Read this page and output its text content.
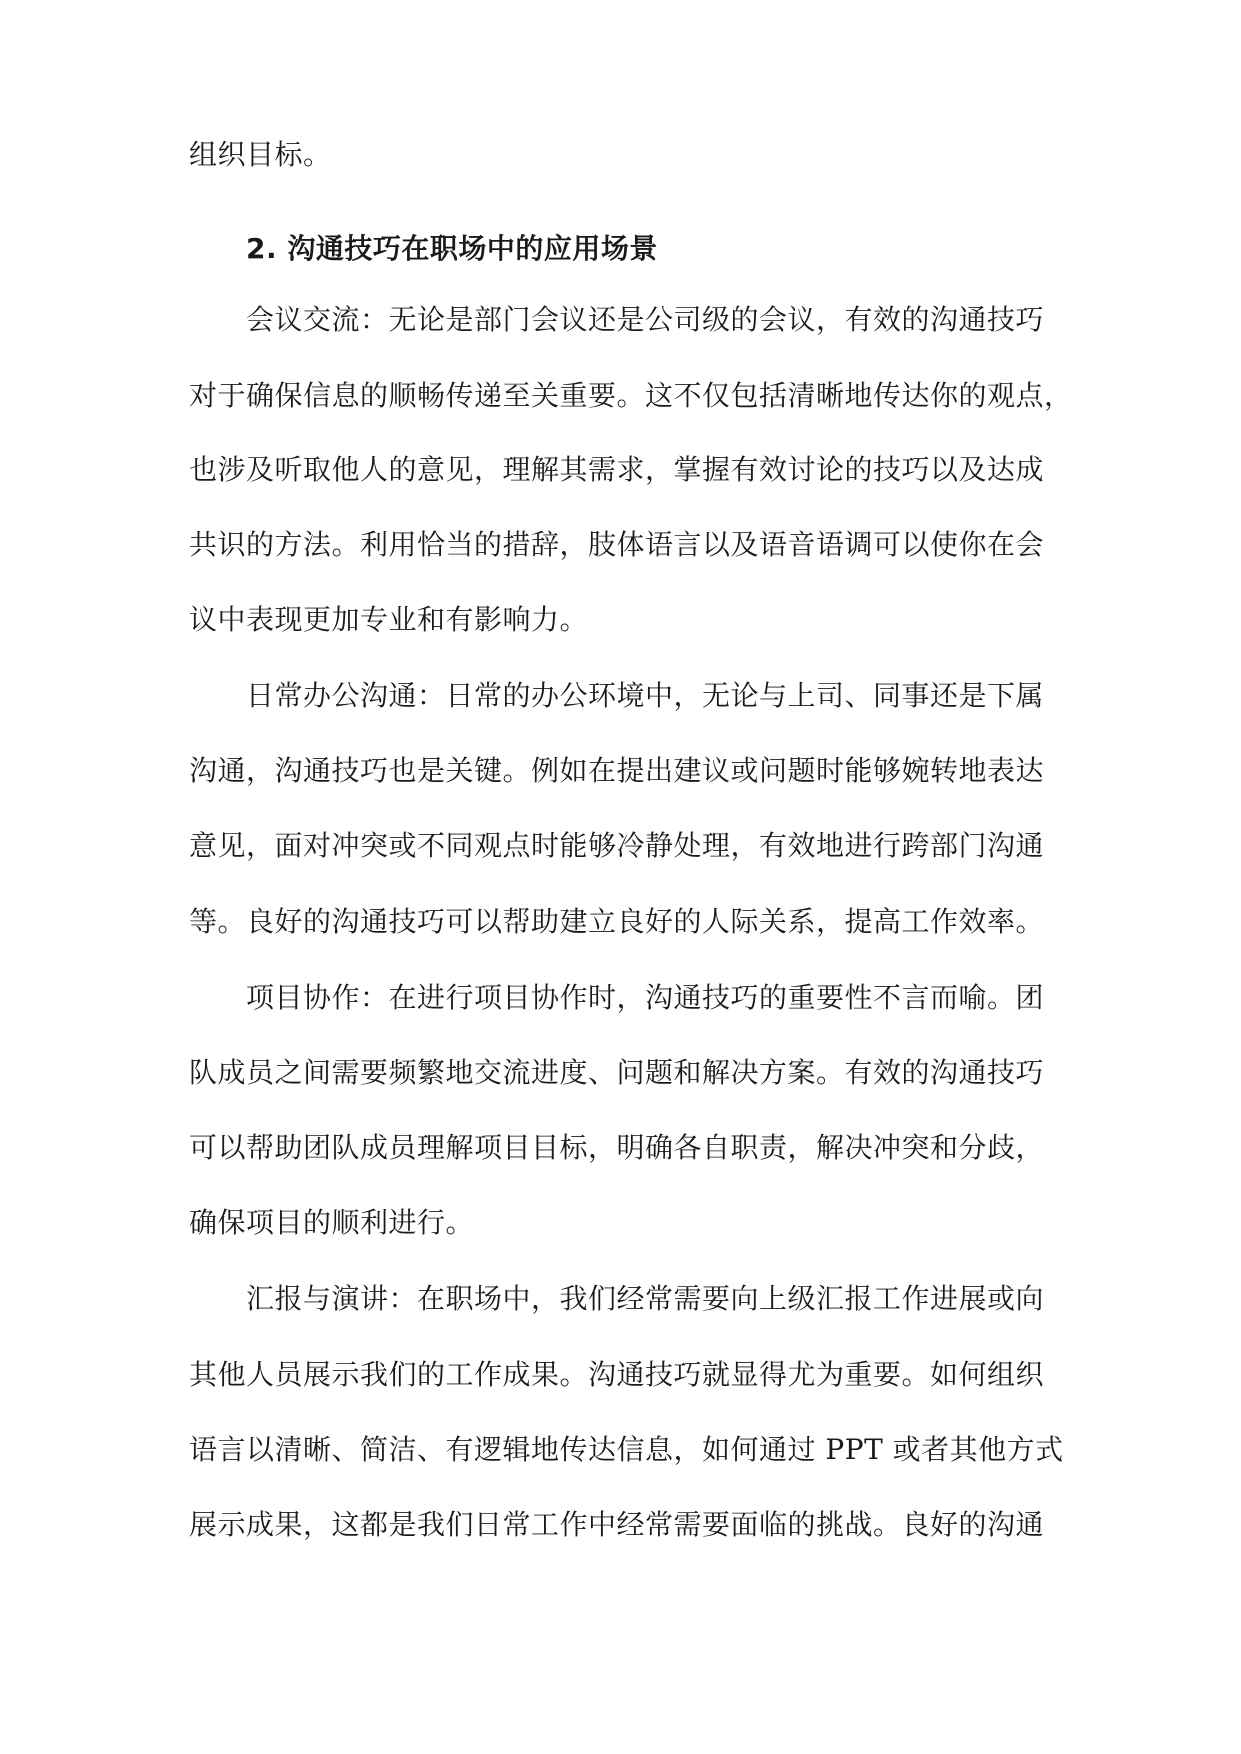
组织目标。

2. 沟通技巧在职场中的应用场景

会议交流：无论是部门会议还是公司级的会议，有效的沟通技巧

对于确保信息的顺畅传递至关重要。这不仅包括清晰地传达你的观点，

也涉及听取他人的意见，理解其需求，掌握有效讨论的技巧以及达成

共识的方法。利用恰当的措辞，肢体语言以及语音语调可以使你在会

议中表现更加专业和有影响力。

日常办公沟通：日常的办公环境中，无论与上司、同事还是下属

沟通，沟通技巧也是关键。例如在提出建议或问题时能够婉转地表达

意见，面对冲突或不同观点时能够冷静处理，有效地进行跨部门沟通

等。良好的沟通技巧可以帮助建立良好的人际关系，提高工作效率。

项目协作：在进行项目协作时，沟通技巧的重要性不言而喻。团

队成员之间需要频繁地交流进度、问题和解决方案。有效的沟通技巧

可以帮助团队成员理解项目目标，明确各自职责，解决冲突和分歧，

确保项目的顺利进行。

汇报与演讲：在职场中，我们经常需要向上级汇报工作进展或向

其他人员展示我们的工作成果。沟通技巧就显得尤为重要。如何组织

语言以清晰、简洁、有逻辑地传达信息，如何通过 PPT 或者其他方式

展示成果，这都是我们日常工作中经常需要面临的挑战。良好的沟通
